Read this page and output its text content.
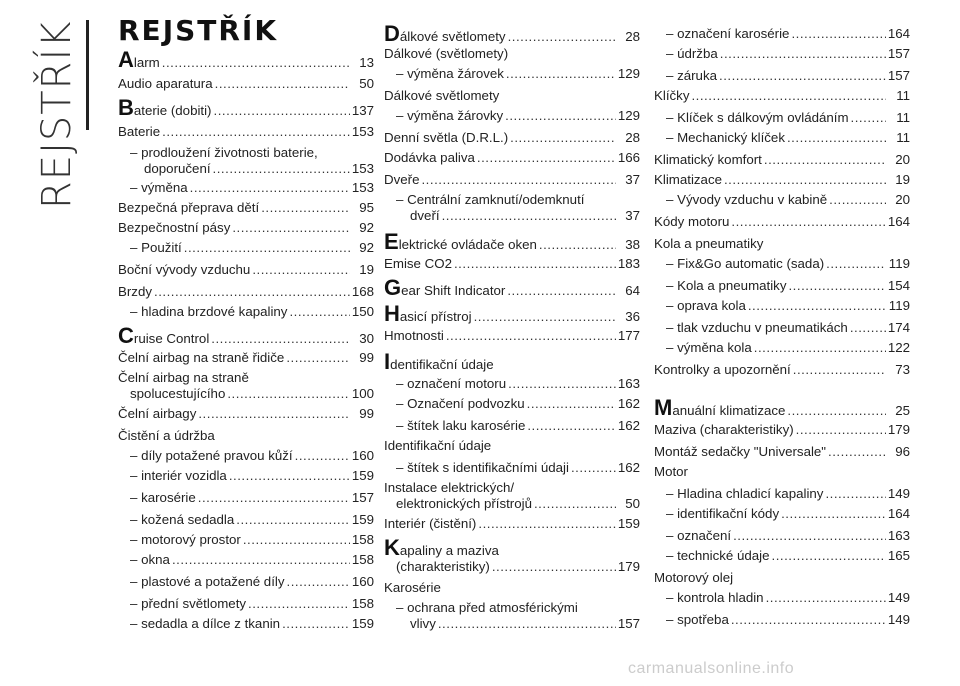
REJSTŘÍK REJSTŘÍK
Alarm .....	13
Audio aparatura .....	50
Baterie (dobiti) .....	137
Baterie .....	153
– prodloužení životnosti baterie,
doporučení .....	153
– výměna .....	153
Bezpečná přeprava dětí .....	95
Bezpečnostní pásy .....	92
– Použití .....	92
Boční vývody vzduchu .....	19
Brzdy .....	168
– hladina brzdové kapaliny .....	150
Cruise Control .....	30
Čelní airbag na straně řidiče .....	99
Čelní airbag na straně
spolucestujícího .....	100
Čelní airbagy .....	99
Čistění a údržba
– díly potažené pravou kůží .....	160
– interiér vozidla .....	159
– karosérie .....	157
– kožená sedadla .....	159
– motorový prostor .....	158
– okna .....	158
– plastové a potažené díly .....	160
– přední světlomety .....	158
– sedadla a dílce z tkanin .....	159
Dálkové světlomety .....	28
Dálkové (světlomety)
– výměna žárovek .....	129
Dálkové světlomety
– výměna žárovky .....	129
Denní světla (D.R.L.) .....	28
Dodávka paliva .....	166
Dveře .....	37
– Centrální zamknutí/odemknutí
dveří .....	37
Elektrické ovládače oken .....	38
Emise CO2 .....	183
Gear Shift Indicator .....	64
Hasicí přístroj .....	36
Hmotnosti .....	177
Identifikační údaje
– označení motoru .....	163
– Označení podvozku .....	162
– štítek laku karosérie .....	162
Identifikační údaje
– štítek s identifikačními údaji .....	162
Instalace elektrických/
elektronických přístrojů .....	50
Interiér (čistění) .....	159
Kapaliny a maziva
(charakteristiky) .....	179
Karosérie
– ochrana před atmosférickými
vlivy .....	157
– označení karosérie .....	164
– údržba .....	157
– záruka .....	157
Klíčky .....	11
– Klíček s dálkovým ovládáním .....	11
– Mechanický klíček .....	11
Klimatický komfort .....	20
Klimatizace .....	19
– Vývody vzduchu v kabině .....	20
Kódy motoru .....	164
Kola a pneumatiky
– Fix&Go automatic (sada) .....	119
– Kola a pneumatiky .....	154
– oprava kola .....	119
– tlak vzduchu v pneumatikách .....	174
– výměna kola .....	122
Kontrolky a upozornění .....	73
Manuální klimatizace .....	25
Maziva (charakteristiky) .....	179
Montáž sedačky "Universale" .....	96
Motor
– Hladina chladicí kapaliny .....	149
– identifikační kódy .....	164
– označení .....	163
– technické údaje .....	165
Motorový olej
– kontrola hladin .....	149
– spotřeba .....	149
carmanualsonline.info
